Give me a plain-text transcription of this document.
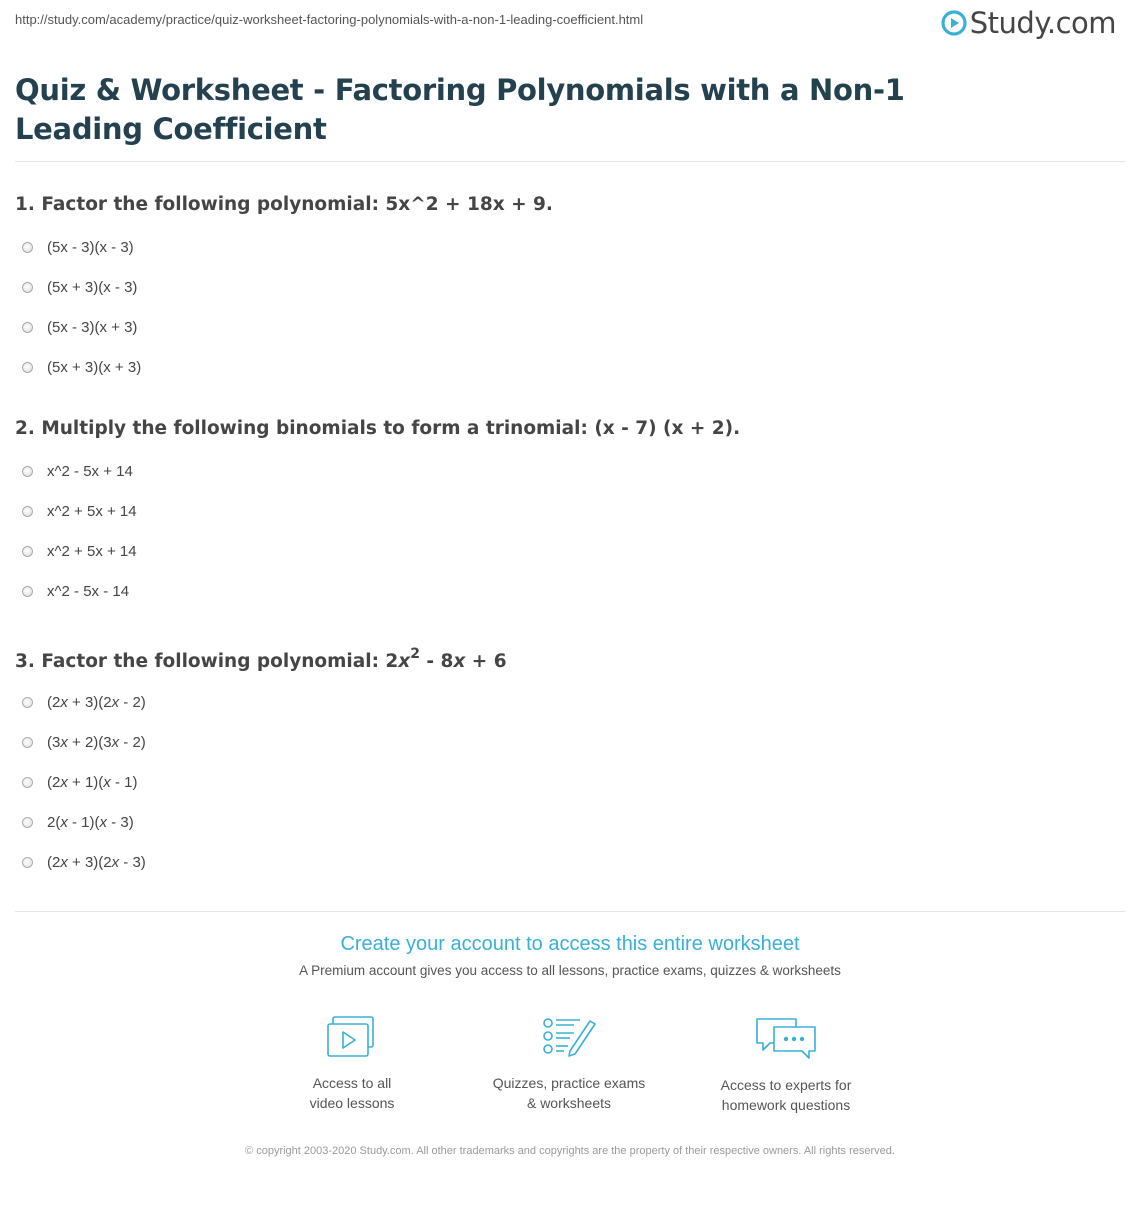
http://study.com/academy/practice/quiz-worksheet-factoring-polynomials-with-a-non-1-leading-coefficient.html	Study.com
Quiz & Worksheet - Factoring Polynomials with a Non-1 Leading Coefficient
1. Factor the following polynomial: 5x^2 + 18x + 9.
(5x - 3)(x - 3)
(5x + 3)(x - 3)
(5x - 3)(x + 3)
(5x + 3)(x + 3)
2. Multiply the following binomials to form a trinomial: (x - 7) (x + 2).
x^2 - 5x + 14
x^2 + 5x + 14
x^2 + 5x + 14
x^2 - 5x - 14
3. Factor the following polynomial: $2x^2 - 8x + 6$
(2x + 3)(2x - 2)
(3x + 2)(3x - 2)
(2x + 1)(x - 1)
2(x - 1)(x - 3)
(2x + 3)(2x - 3)
Create your account to access this entire worksheet
A Premium account gives you access to all lessons, practice exams, quizzes & worksheets
Access to all
video lessons
Quizzes, practice exams
& worksheets
Access to experts for
homework questions
© copyright 2003-2020 Study.com. All other trademarks and copyrights are the property of their respective owners. All rights reserved.
